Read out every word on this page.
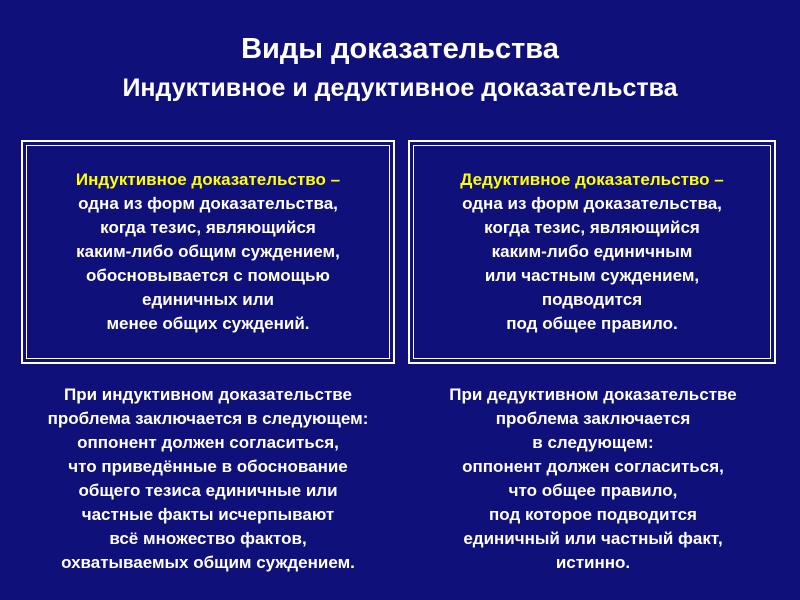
Виды доказательства
Индуктивное и дедуктивное доказательства
Индуктивное доказательство –
одна из форм доказательства,
когда тезис, являющийся
каким-либо общим суждением,
обосновывается с помощью
единичных или
менее общих суждений.
Дедуктивное доказательство –
одна из форм доказательства,
когда тезис, являющийся
каким-либо единичным
или частным суждением,
подводится
под общее правило.
При индуктивном доказательстве
проблема заключается в следующем:
оппонент должен согласиться,
что приведённые в обоснование
общего тезиса единичные или
частные факты исчерпывают
всё множество фактов,
охватываемых общим суждением.
При дедуктивном доказательстве
проблема заключается
в следующем:
оппонент должен согласиться,
что общее правило,
под которое подводится
единичный или частный факт,
истинно.
